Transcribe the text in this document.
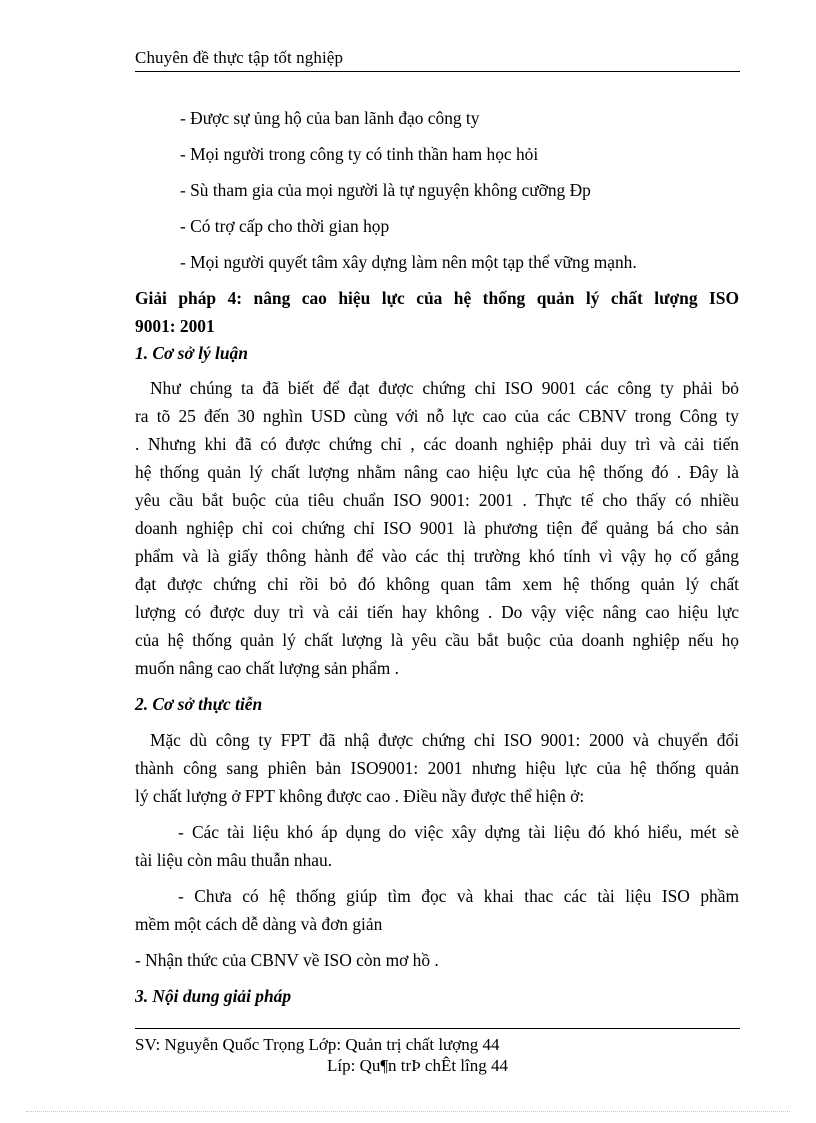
Chuyên đề thực tập tốt nghiệp
- Được sự ủng hộ của ban lãnh đạo công ty
- Mọi người trong công ty có tinh thần ham học hỏi
- Sù tham gia của mọi người là tự nguyện không cưỡng Đp
- Có trợ cấp cho thời gian họp
- Mọi người quyết tâm xây dựng làm nên một tạp thể vững mạnh.
Giải pháp 4: nâng cao hiệu lực của hệ thống quản lý chất lượng ISO
9001: 2001
1. Cơ sở lý luận
Như chúng ta đã biết để đạt được chứng chỉ ISO 9001 các công ty phải bỏ
ra tõ 25 đến 30 nghìn USD cùng với nỗ lực cao của các CBNV trong Công ty
. Nhưng khi đã có được chứng chỉ , các doanh nghiệp phải duy trì và cải tiến
hệ thống quản lý chất lượng nhằm nâng cao hiệu lực của hệ thống đó . Đây là
yêu cầu bắt buộc của tiêu chuẩn ISO 9001: 2001 . Thực tế cho thấy có nhiều
doanh nghiệp chỉ coi chứng chỉ ISO 9001 là phương tiện để quảng bá cho sản
phẩm và là giấy thông hành để vào các thị trường khó tính vì vậy họ cố gắng
đạt được chứng chỉ rồi bỏ đó không quan tâm xem hệ thống quản lý chất
lượng có được duy trì và cải tiến hay không . Do vậy việc nâng cao hiệu lực
của hệ thống quản lý chất lượng là yêu cầu bắt buộc của doanh nghiệp nếu họ
muốn nâng cao chất lượng sản phẩm .
2. Cơ sở thực tiễn
Mặc dù công ty FPT đã nhậ được chứng chỉ ISO 9001: 2000 và chuyển đổi
thành công sang phiên bản ISO9001: 2001 nhưng hiệu lực của hệ thống quản
lý chất lượng ở FPT không được cao . Điều nầy được thể hiện ở:
- Các tài liệu khó áp dụng do việc xây dựng tài liệu đó khó hiểu, mét sè
tài liệu còn mâu thuẫn nhau.
- Chưa có hệ thống giúp tìm đọc và khai thac các tài liệu ISO phầm
mềm một cách dễ dàng và đơn giản
- Nhận thức của CBNV về ISO còn mơ hồ .
3. Nội dung giải pháp
SV: Nguyễn Quốc Trọng Lớp: Quản trị chất lượng 44
Líp: Qu¶n trÞ chÊt lîng 44
